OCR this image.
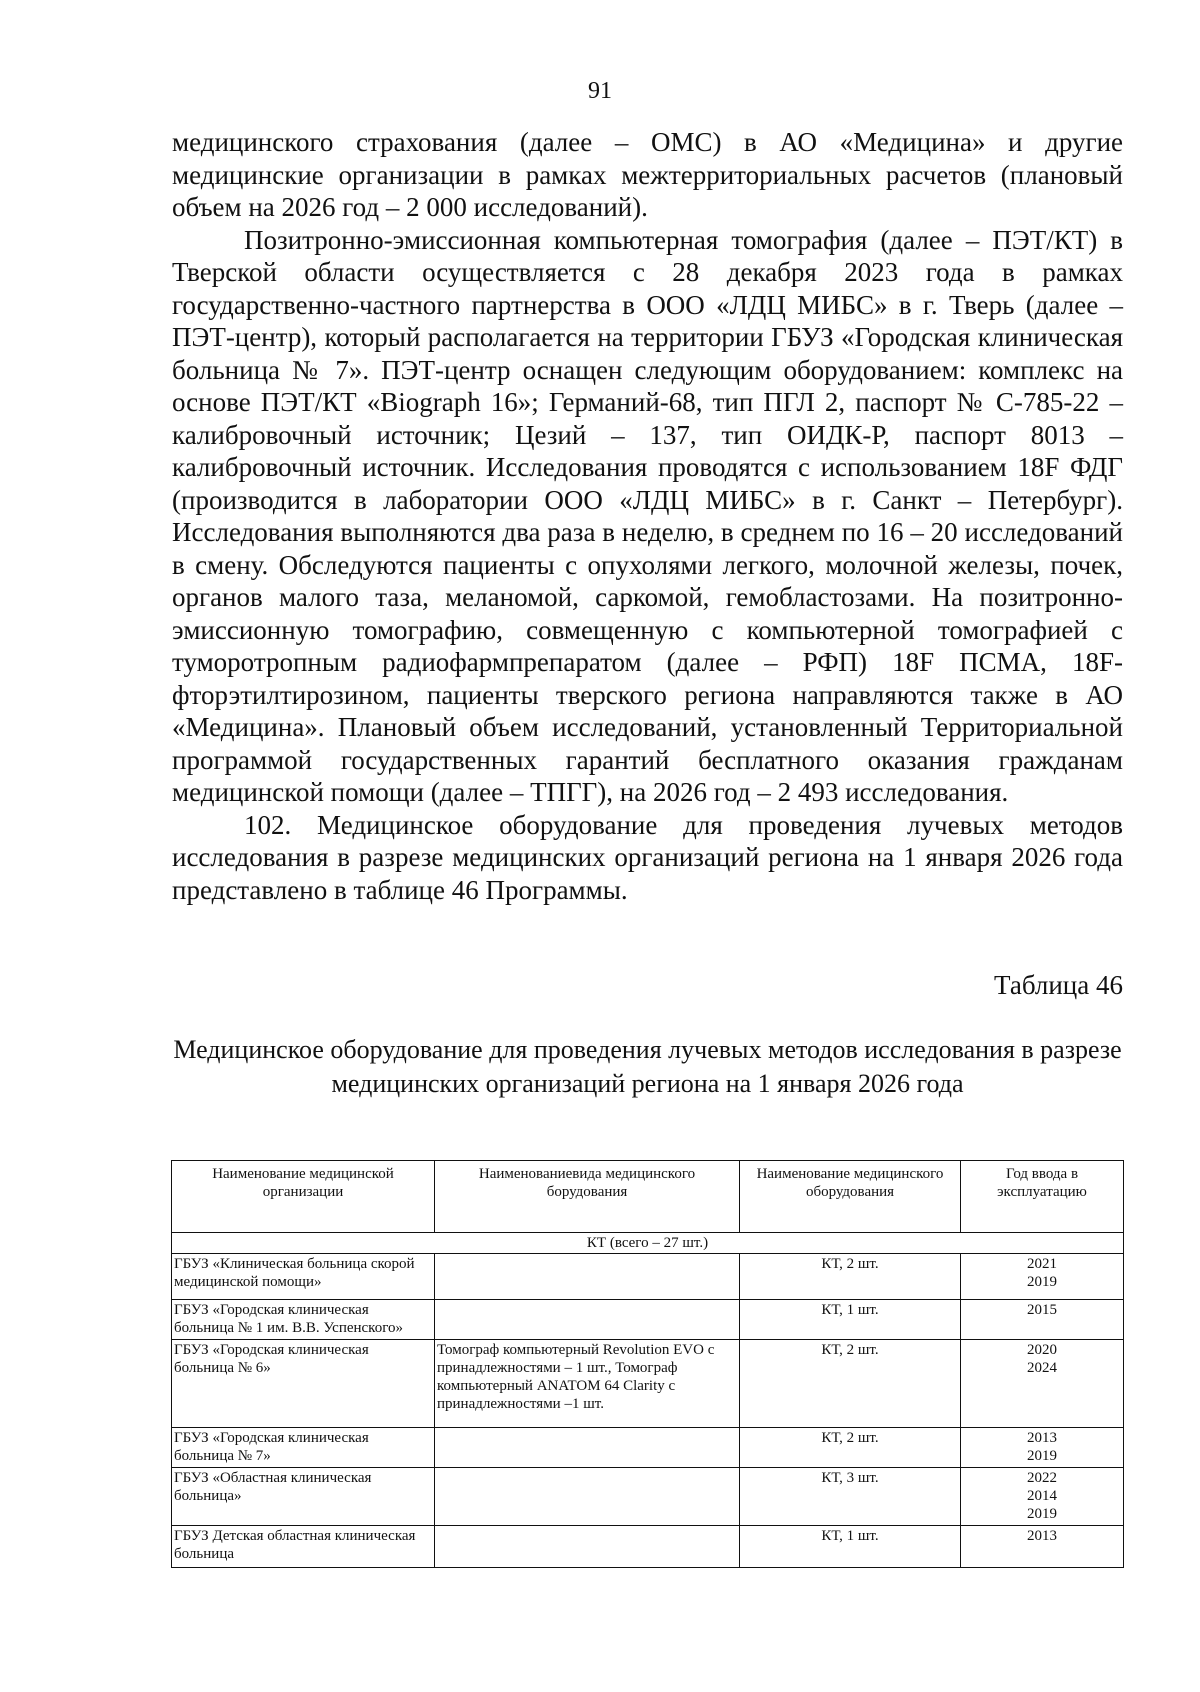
91

медицинского страхования (далее – ОМС) в АО «Медицина» и другие медицинские организации в рамках межтерриториальных расчетов (плановый объем на 2026 год – 2 000 исследований).

Позитронно-эмиссионная компьютерная томография (далее – ПЭТ/КТ) в Тверской области осуществляется с 28 декабря 2023 года в рамках государственно-частного партнерства в ООО «ЛДЦ МИБС» в г. Тверь (далее – ПЭТ-центр), который располагается на территории ГБУЗ «Городская клиническая больница № 7». ПЭТ-центр оснащен следующим оборудованием: комплекс на основе ПЭТ/КТ «Biograph 16»; Германий-68, тип ПГЛ 2, паспорт № С-785-22 – калибровочный источник; Цезий – 137, тип ОИДК-Р, паспорт 8013 – калибровочный источник. Исследования проводятся с использованием 18F ФДГ (производится в лаборатории ООО «ЛДЦ МИБС» в г. Санкт – Петербург). Исследования выполняются два раза в неделю, в среднем по 16 – 20 исследований в смену. Обследуются пациенты с опухолями легкого, молочной железы, почек, органов малого таза, меланомой, саркомой, гемобластозами. На позитронно-эмиссионную томографию, совмещенную с компьютерной томографией с туморотропным радиофармпрепаратом (далее – РФП) 18F ПСМА, 18F-фторэтилтирозином, пациенты тверского региона направляются также в АО «Медицина». Плановый объем исследований, установленный Территориальной программой государственных гарантий бесплатного оказания гражданам медицинской помощи (далее – ТПГГ), на 2026 год – 2 493 исследования.

102. Медицинское оборудование для проведения лучевых методов исследования в разрезе медицинских организаций региона на 1 января 2026 года представлено в таблице 46 Программы.

Таблица 46
Медицинское оборудование для проведения лучевых методов исследования в разрезе медицинских организаций региона на 1 января 2026 года
Наименование медицинской организации	Наименованиевида медицинского борудования	Наименование медицинского оборудования	Год ввода в эксплуатацию
КТ (всего – 27 шт.)			
ГБУЗ «Клиническая больница скорой медицинской помощи»		КТ, 2 шт.	2021
2019

ГБУЗ «Городская клиническая больница № 1 им. В.В. Успенского»		КТ, 1 шт.	2015

ГБУЗ «Городская клиническая больница № 6»	Томограф компьютерный Revolution EVO с принадлежностями – 1 шт., Томограф компьютерный ANATOM 64 Clarity с принадлежностями –1 шт.	КТ, 2 шт.	2020
2024

ГБУЗ «Городская клиническая больница № 7»		КТ, 2 шт.	2013
2019

ГБУЗ «Областная клиническая больница»		КТ, 3 шт.	2022
2014
2019

ГБУЗ Детская областная клиническая больница		КТ, 1 шт.	2013
